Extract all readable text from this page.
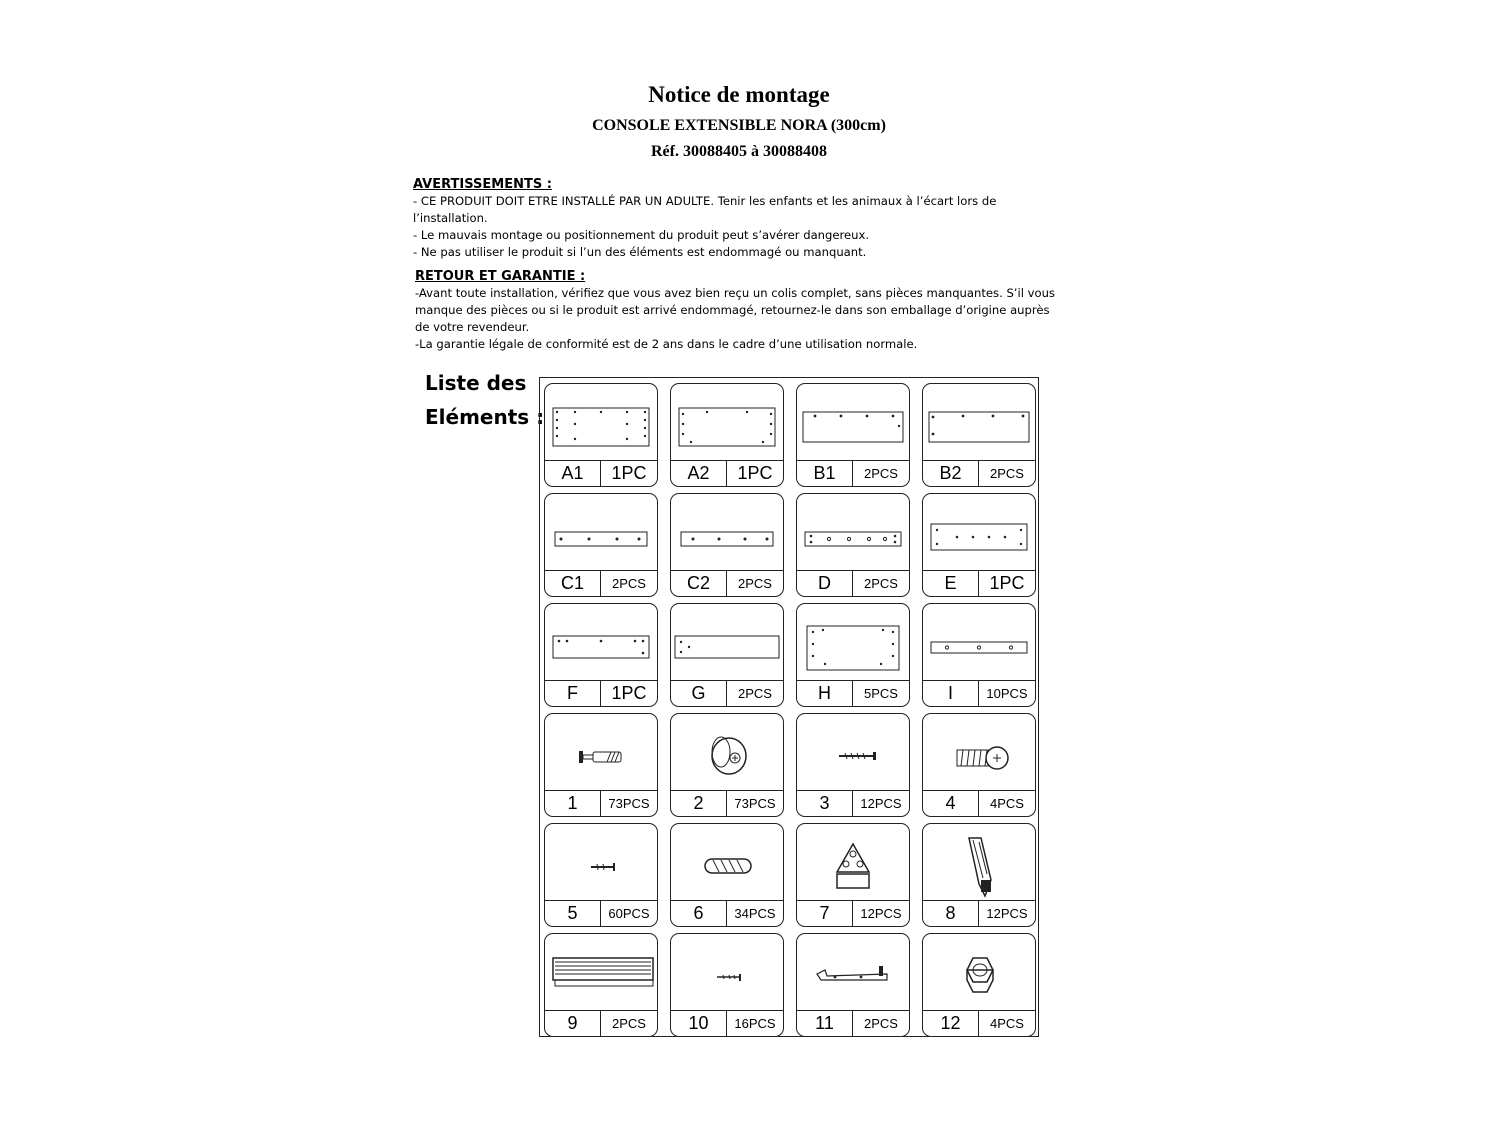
Notice de montage
CONSOLE EXTENSIBLE NORA (300cm)
Réf. 30088405 à 30088408
AVERTISSEMENTS :
- CE PRODUIT DOIT ETRE INSTALLÉ PAR UN ADULTE. Tenir les enfants et les animaux à l’écart lors de
l’installation.
- Le mauvais montage ou positionnement du produit peut s’avérer dangereux.
- Ne pas utiliser le produit si l’un des éléments est endommagé ou manquant.
RETOUR ET GARANTIE :
-Avant toute installation, vérifiez que vous avez bien reçu un colis complet, sans pièces manquantes. S’il vous
manque des pièces ou si le produit est arrivé endommagé, retournez-le dans son emballage d’origine auprès
de votre revendeur.
-La garantie légale de conformité est de 2 ans dans le cadre d’une utilisation normale.
Liste des
Eléments :
A1	1PC	A2	1PC	B1	2PCS	B2	2PCS
C1	2PCS	C2	2PCS	D	2PCS	E	1PC
F	1PC	G	2PCS	H	5PCS	I	10PCS
1	73PCS	2	73PCS	3	12PCS	4	4PCS
5	60PCS	6	34PCS	7	12PCS	8	12PCS
9	2PCS	10	16PCS	11	2PCS	12	4PCS
